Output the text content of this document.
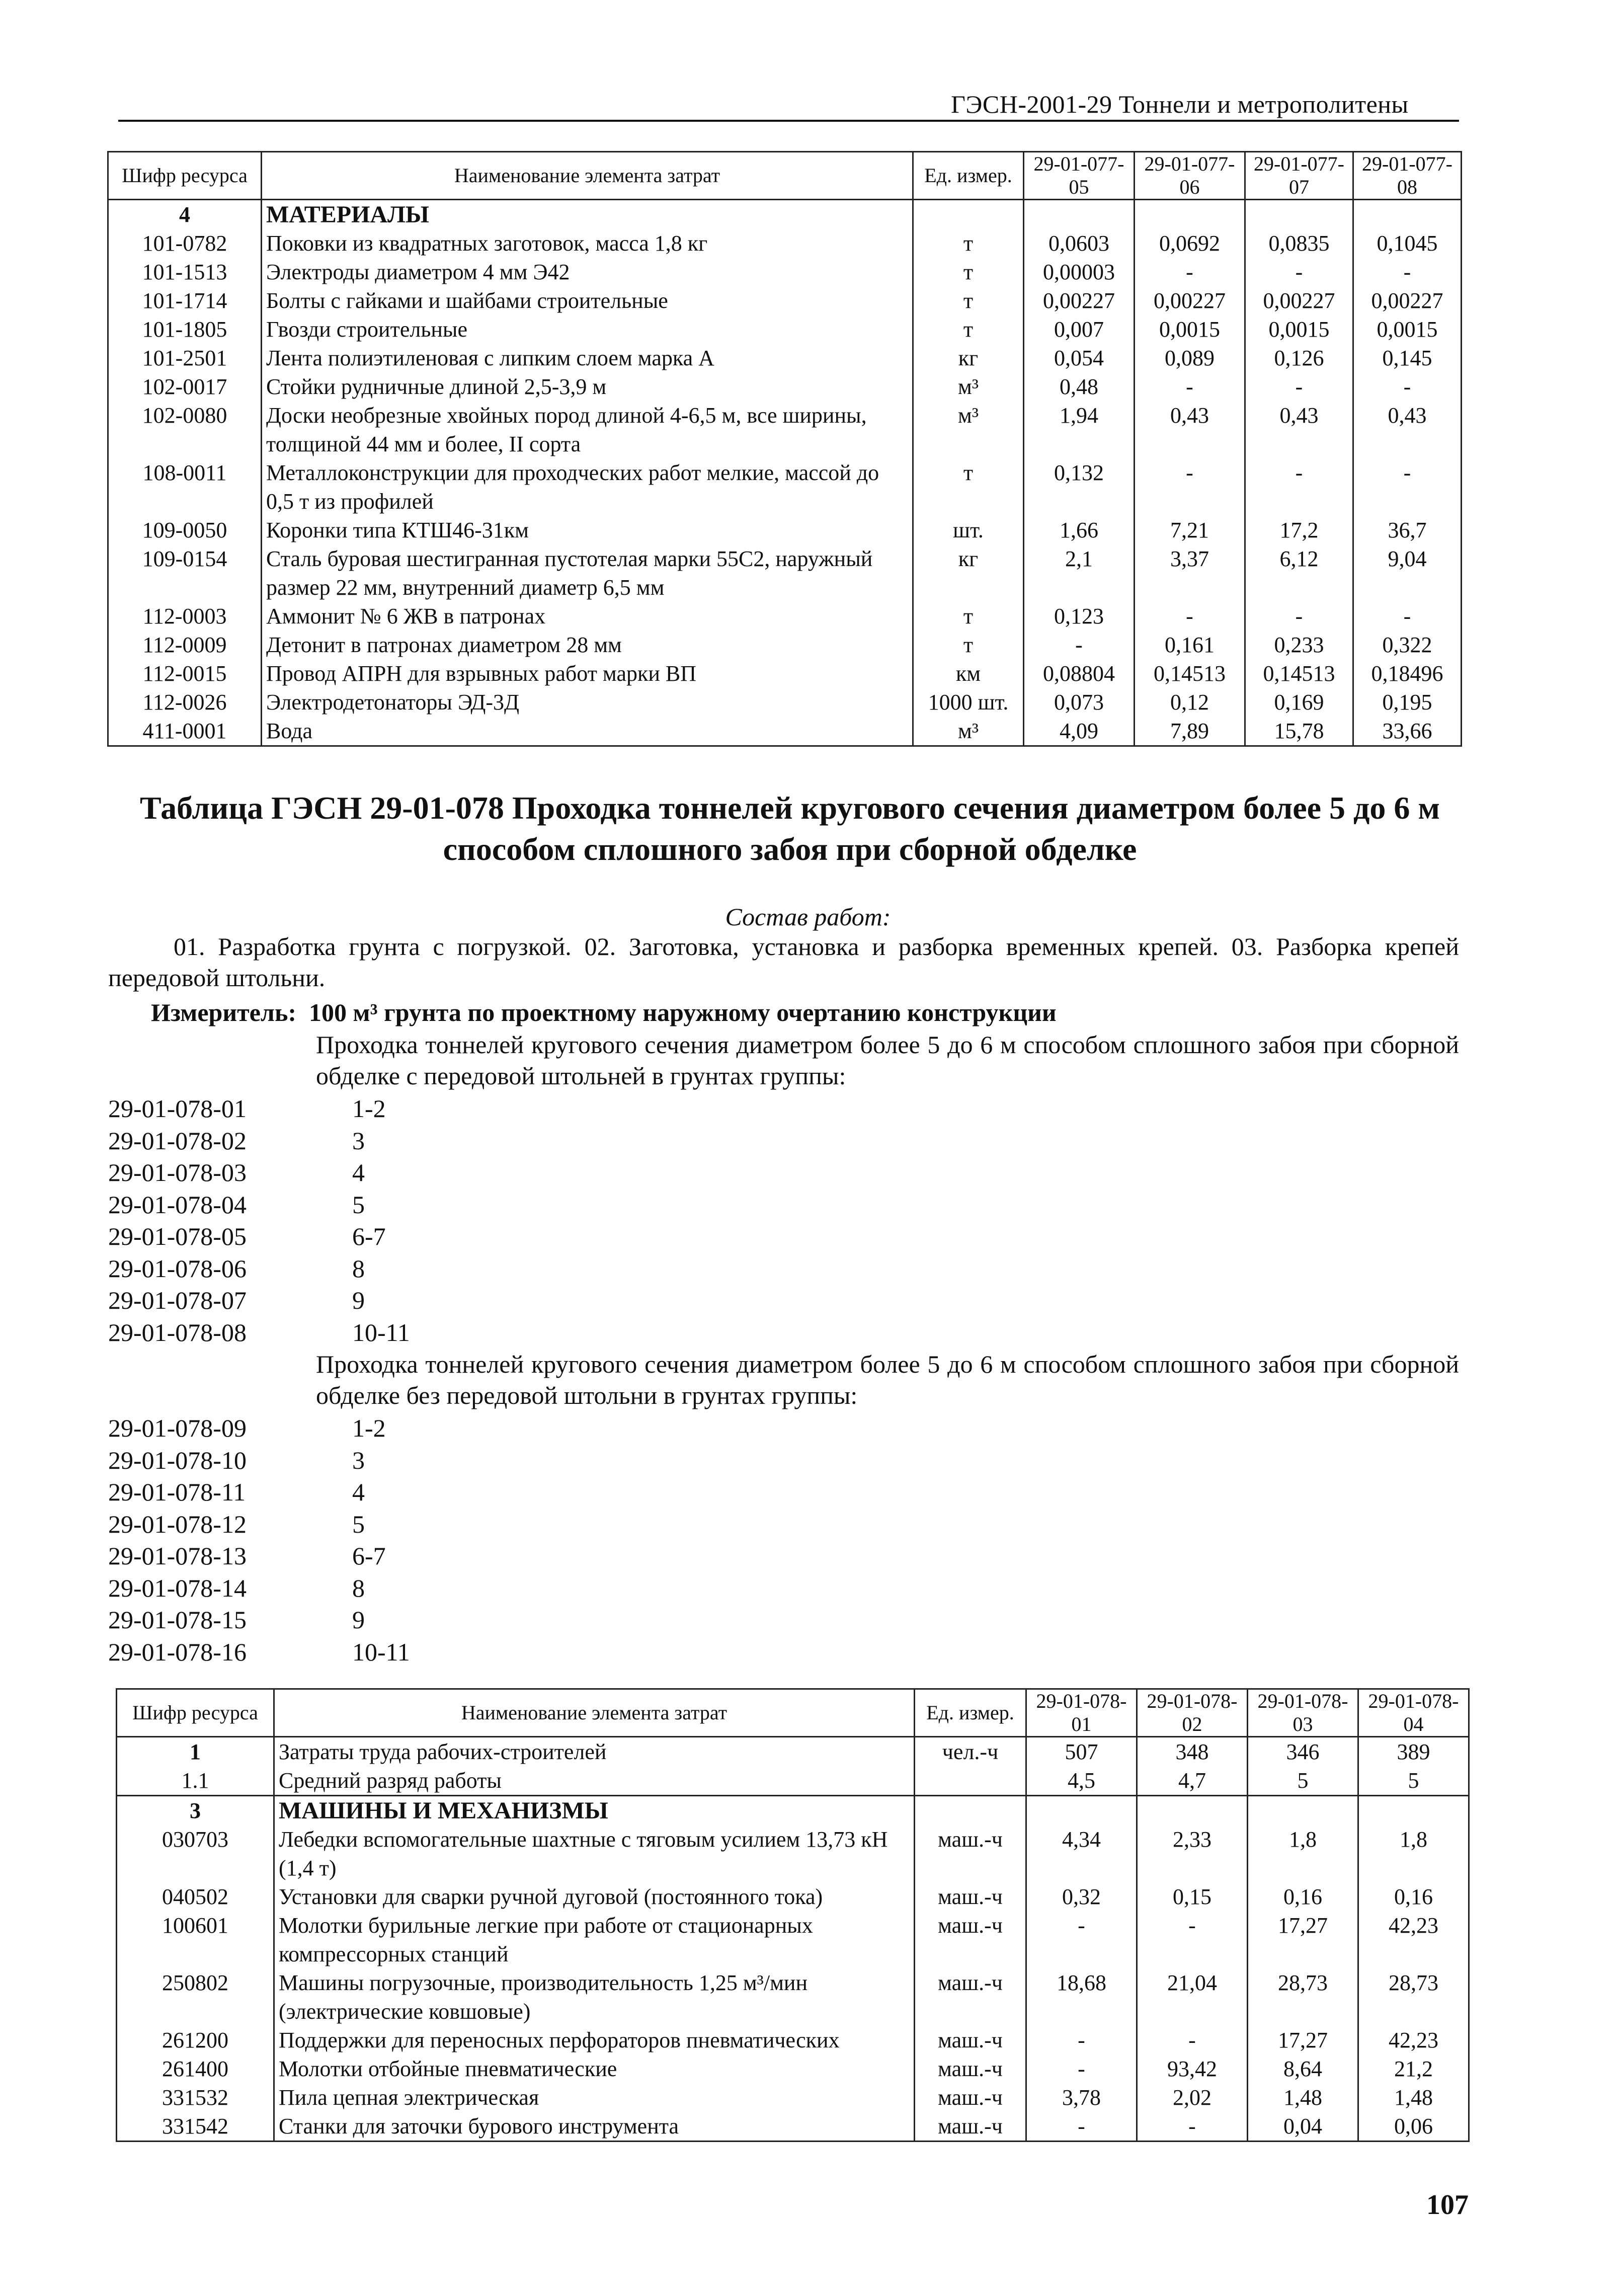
ГЭСН-2001-29 Тоннели и метрополитены
Шифр ресурса	Наименование элемента затрат	Ед. измер.	29-01-077-05	29-01-077-06	29-01-077-07	29-01-077-08
4	МАТЕРИАЛЫ					
101-0782	Поковки из квадратных заготовок, масса 1,8 кг	т	0,0603	0,0692	0,0835	0,1045
101-1513	Электроды диаметром 4 мм Э42	т	0,00003	-	-	-
101-1714	Болты с гайками и шайбами строительные	т	0,00227	0,00227	0,00227	0,00227
101-1805	Гвозди строительные	т	0,007	0,0015	0,0015	0,0015
101-2501	Лента полиэтиленовая с липким слоем марка А	кг	0,054	0,089	0,126	0,145
102-0017	Стойки рудничные длиной 2,5-3,9 м	м³	0,48	-	-	-
102-0080	Доски необрезные хвойных пород длиной 4-6,5 м, все ширины, толщиной 44 мм и более, II сорта	м³	1,94	0,43	0,43	0,43
108-0011	Металлоконструкции для проходческих работ мелкие, массой до 0,5 т из профилей	т	0,132	-	-	-
109-0050	Коронки типа КТШ46-31км	шт.	1,66	7,21	17,2	36,7
109-0154	Сталь буровая шестигранная пустотелая марки 55С2, наружный размер 22 мм, внутренний диаметр 6,5 мм	кг	2,1	3,37	6,12	9,04
112-0003	Аммонит № 6 ЖВ в патронах	т	0,123	-	-	-
112-0009	Детонит в патронах диаметром 28 мм	т	-	0,161	0,233	0,322
112-0015	Провод АПРН для взрывных работ марки ВП	км	0,08804	0,14513	0,14513	0,18496
112-0026	Электродетонаторы ЭД-3Д	1000 шт.	0,073	0,12	0,169	0,195
411-0001	Вода	м³	4,09	7,89	15,78	33,66
Таблица ГЭСН 29-01-078 Проходка тоннелей кругового сечения диаметром более 5 до 6 м способом сплошного забоя при сборной обделке
Состав работ:
01. Разработка грунта с погрузкой. 02. Заготовка, установка и разборка временных крепей. 03. Разборка крепей передовой штольни.
Измеритель: 100 м³ грунта по проектному наружному очертанию конструкции
Проходка тоннелей кругового сечения диаметром более 5 до 6 м способом сплошного забоя при сборной обделке с передовой штольней в грунтах группы:
29-01-078-01	1-2
29-01-078-02	3
29-01-078-03	4
29-01-078-04	5
29-01-078-05	6-7
29-01-078-06	8
29-01-078-07	9
29-01-078-08	10-11
Проходка тоннелей кругового сечения диаметром более 5 до 6 м способом сплошного забоя при сборной обделке без передовой штольни в грунтах группы:
29-01-078-09	1-2
29-01-078-10	3
29-01-078-11	4
29-01-078-12	5
29-01-078-13	6-7
29-01-078-14	8
29-01-078-15	9
29-01-078-16	10-11
Шифр ресурса	Наименование элемента затрат	Ед. измер.	29-01-078-01	29-01-078-02	29-01-078-03	29-01-078-04
1	Затраты труда рабочих-строителей	чел.-ч	507	348	346	389
1.1	Средний разряд работы		4,5	4,7	5	5
3	МАШИНЫ И МЕХАНИЗМЫ					
030703	Лебедки вспомогательные шахтные с тяговым усилием 13,73 кН (1,4 т)	маш.-ч	4,34	2,33	1,8	1,8
040502	Установки для сварки ручной дуговой (постоянного тока)	маш.-ч	0,32	0,15	0,16	0,16
100601	Молотки бурильные легкие при работе от стационарных компрессорных станций	маш.-ч	-	-	17,27	42,23
250802	Машины погрузочные, производительность 1,25 м³/мин (электрические ковшовые)	маш.-ч	18,68	21,04	28,73	28,73
261200	Поддержки для переносных перфораторов пневматических	маш.-ч	-	-	17,27	42,23
261400	Молотки отбойные пневматические	маш.-ч	-	93,42	8,64	21,2
331532	Пила цепная электрическая	маш.-ч	3,78	2,02	1,48	1,48
331542	Станки для заточки бурового инструмента	маш.-ч	-	-	0,04	0,06
107
